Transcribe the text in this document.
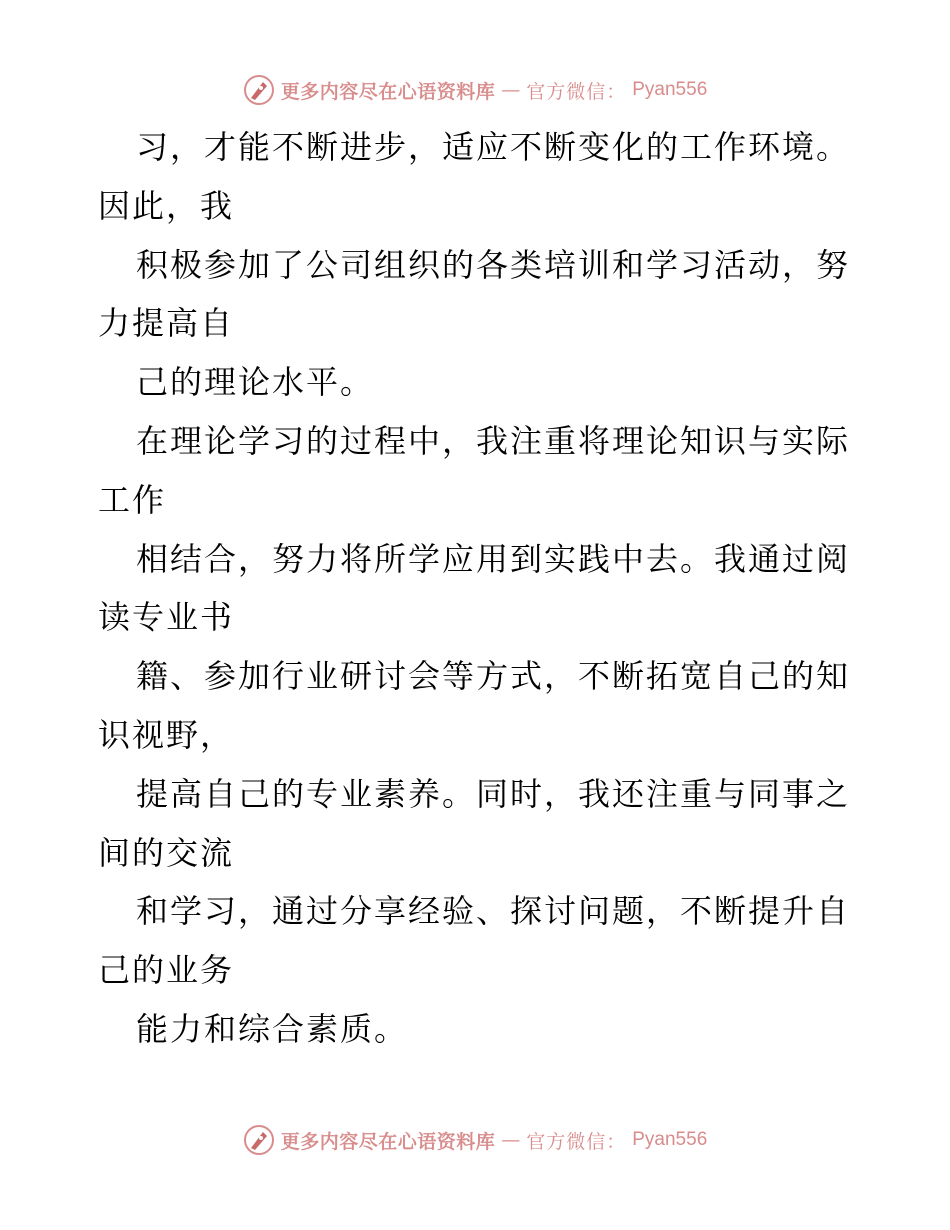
更多内容尽在心语资料库 — 官方微信： Pyan556
习，才能不断进步，适应不断变化的工作环境。
因此，我
积极参加了公司组织的各类培训和学习活动，努
力提高自
己的理论水平。
在理论学习的过程中，我注重将理论知识与实际
工作
相结合，努力将所学应用到实践中去。我通过阅
读专业书
籍、参加行业研讨会等方式，不断拓宽自己的知
识视野，
提高自己的专业素养。同时，我还注重与同事之
间的交流
和学习，通过分享经验、探讨问题，不断提升自
己的业务
能力和综合素质。
更多内容尽在心语资料库 — 官方微信： Pyan556
